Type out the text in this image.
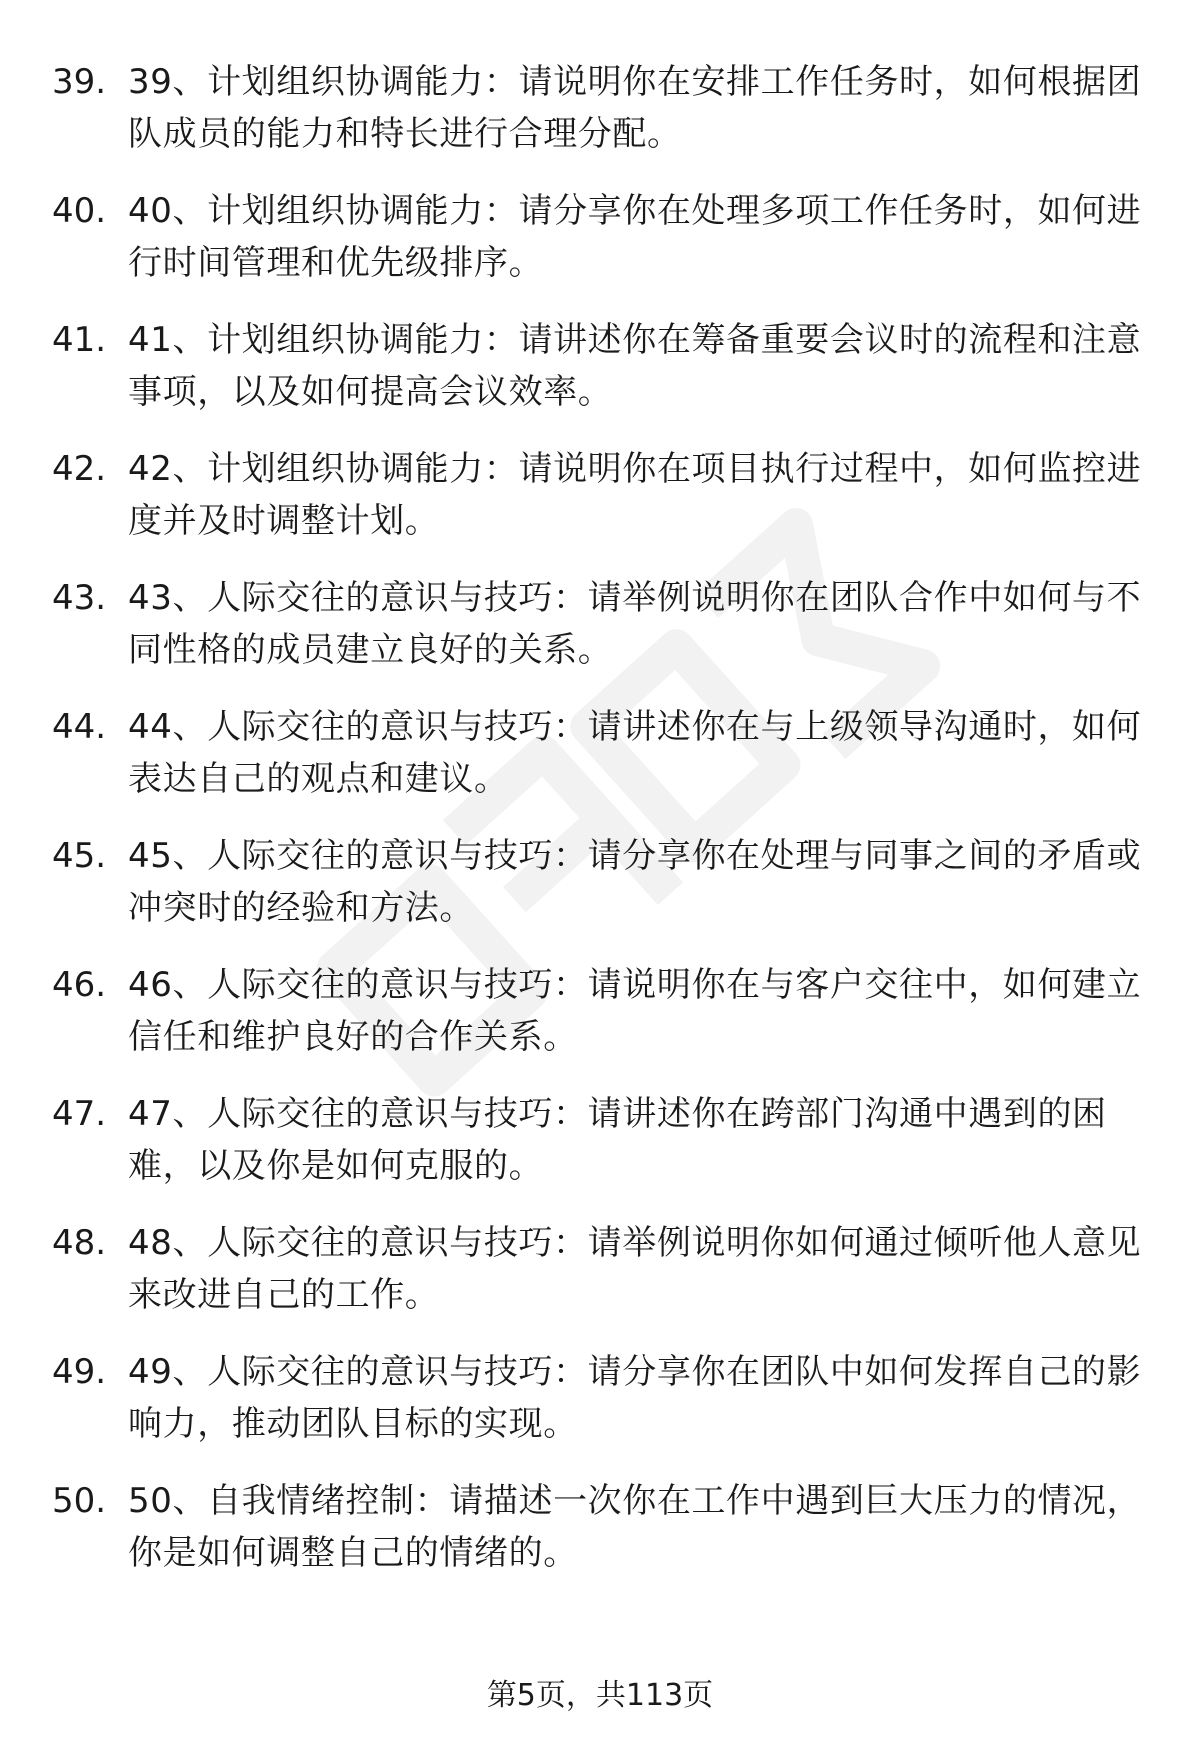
39. 39、计划组织协调能力：请说明你在安排工作任务时，如何根据团队成员的能力和特长进行合理分配。
40. 40、计划组织协调能力：请分享你在处理多项工作任务时，如何进行时间管理和优先级排序。
41. 41、计划组织协调能力：请讲述你在筹备重要会议时的流程和注意事项，以及如何提高会议效率。
42. 42、计划组织协调能力：请说明你在项目执行过程中，如何监控进度并及时调整计划。
43. 43、人际交往的意识与技巧：请举例说明你在团队合作中如何与不同性格的成员建立良好的关系。
44. 44、人际交往的意识与技巧：请讲述你在与上级领导沟通时，如何表达自己的观点和建议。
45. 45、人际交往的意识与技巧：请分享你在处理与同事之间的矛盾或冲突时的经验和方法。
46. 46、人际交往的意识与技巧：请说明你在与客户交往中，如何建立信任和维护良好的合作关系。
47. 47、人际交往的意识与技巧：请讲述你在跨部门沟通中遇到的困难，以及你是如何克服的。
48. 48、人际交往的意识与技巧：请举例说明你如何通过倾听他人意见来改进自己的工作。
49. 49、人际交往的意识与技巧：请分享你在团队中如何发挥自己的影响力，推动团队目标的实现。
50. 50、自我情绪控制：请描述一次你在工作中遇到巨大压力的情况，你是如何调整自己的情绪的。
第5页，共113页
